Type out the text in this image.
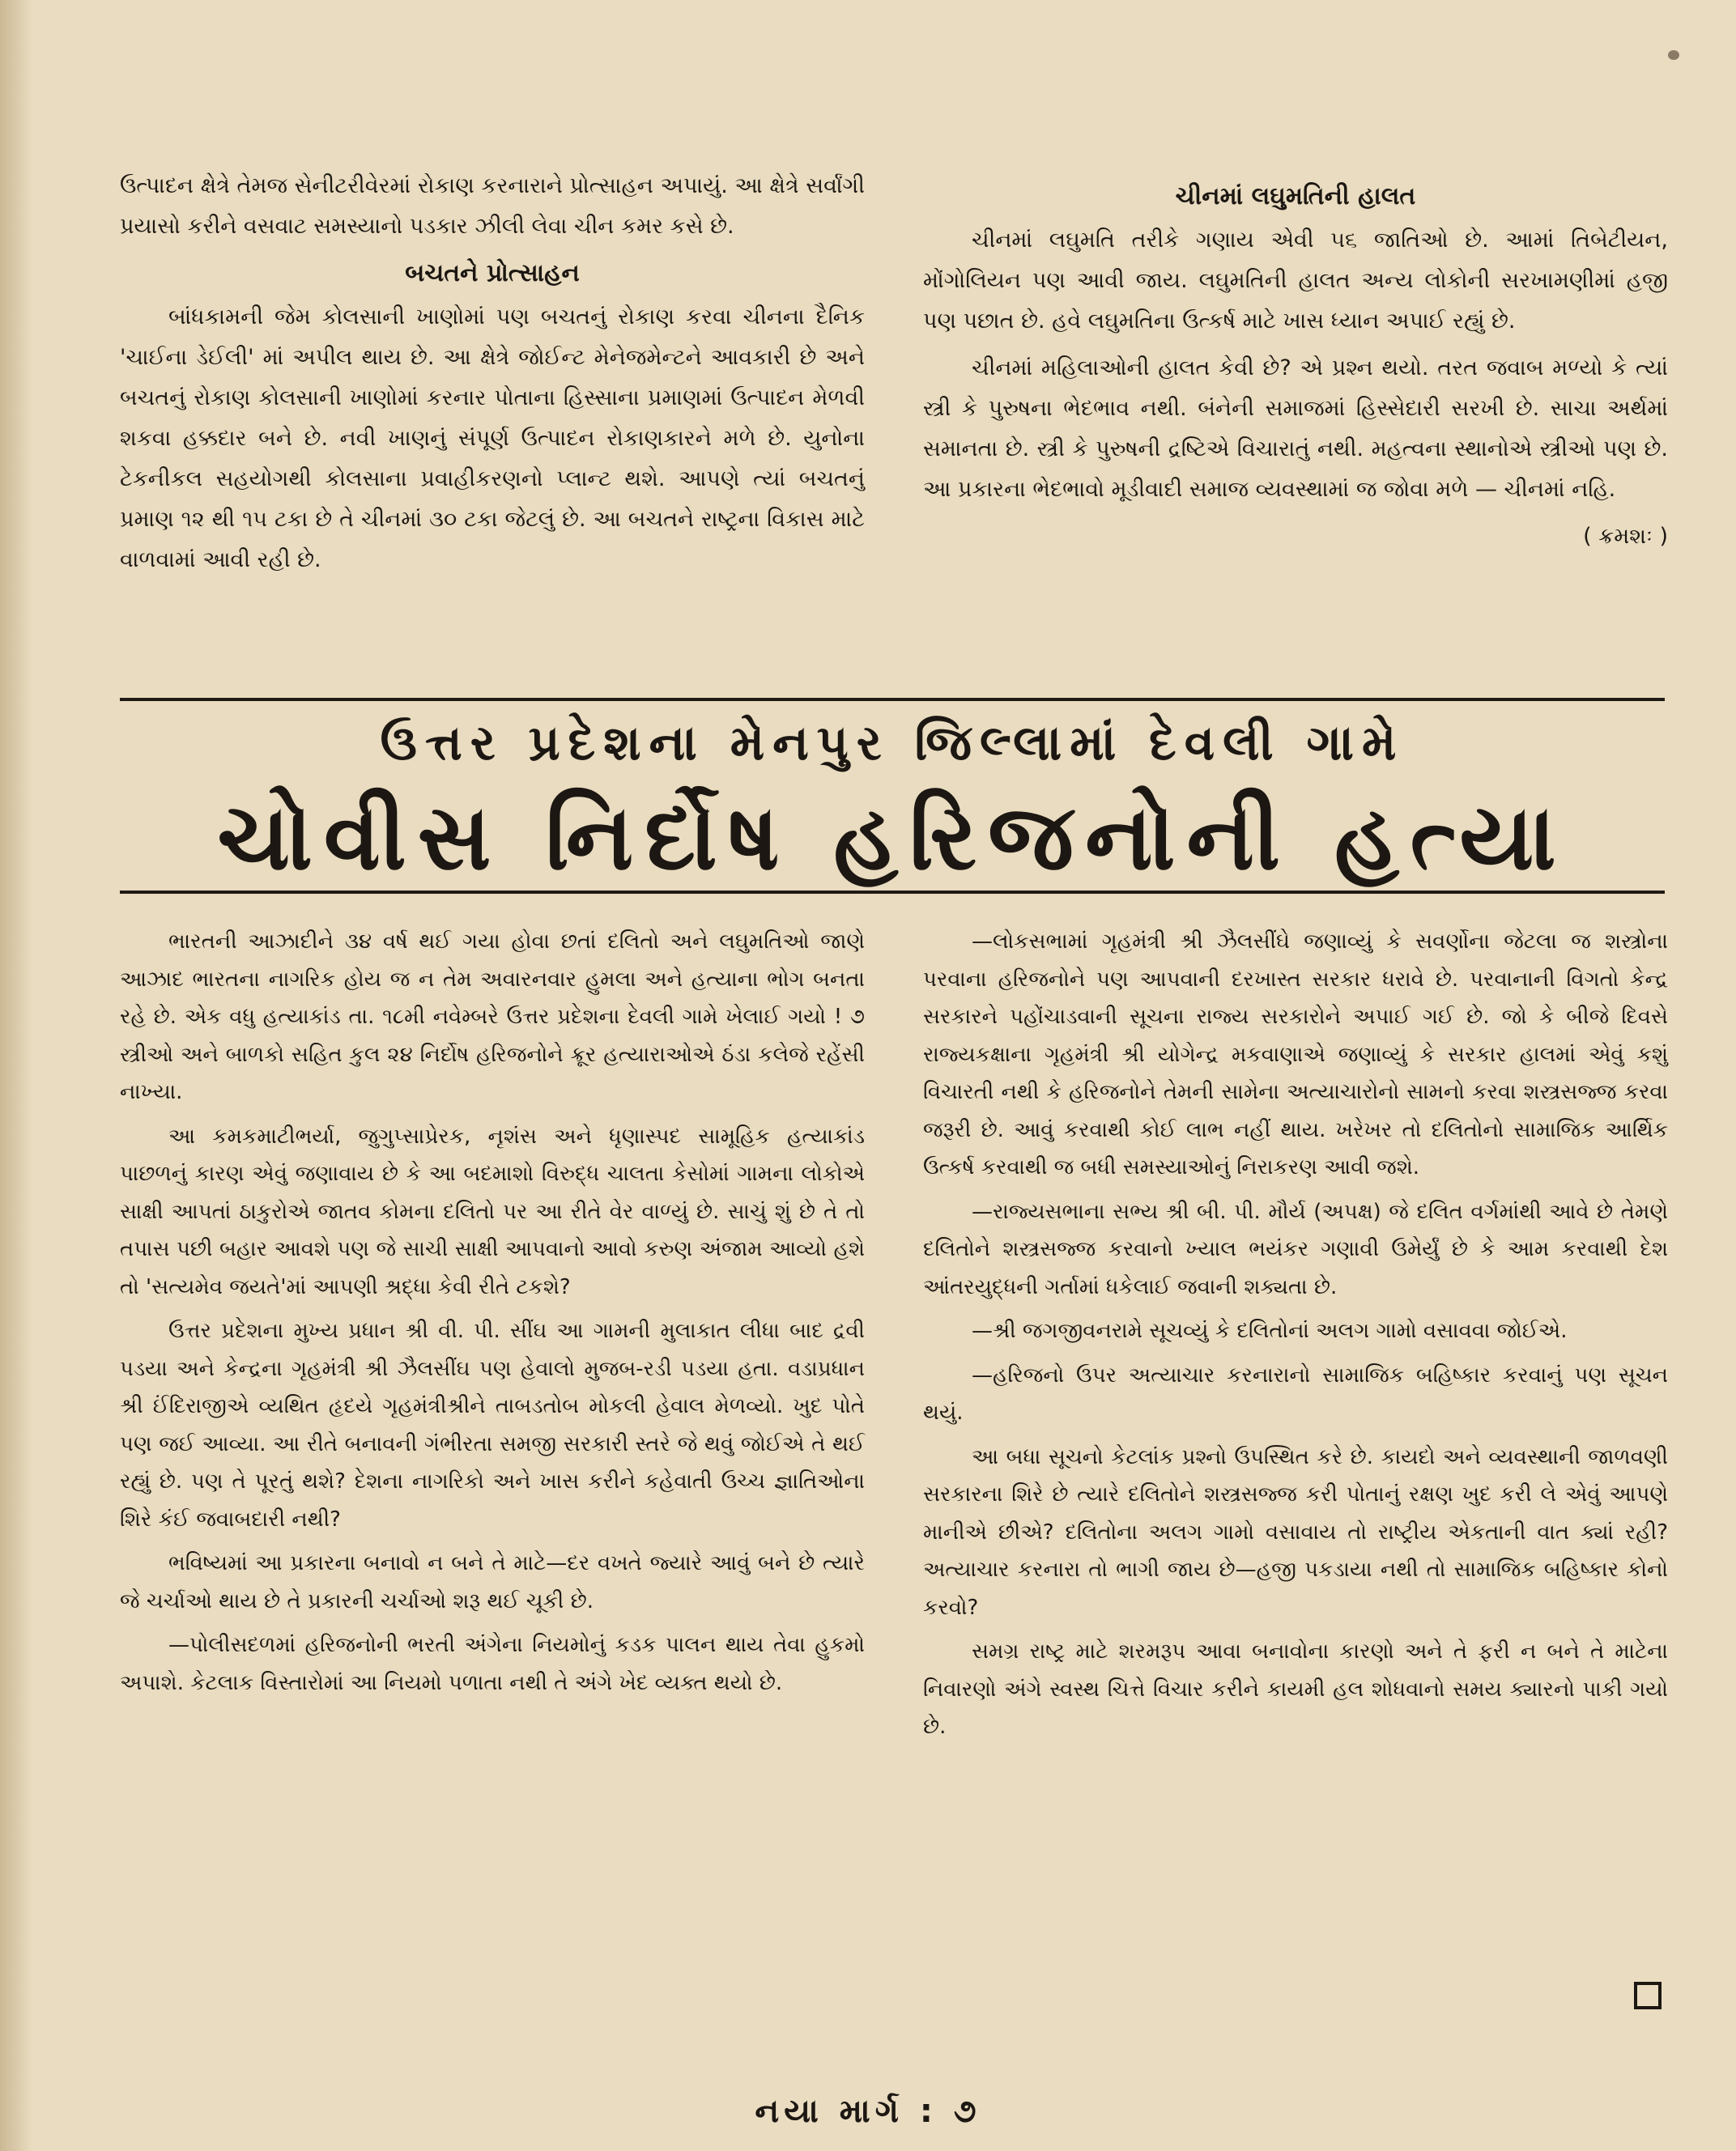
ઉત્પાદન ક્ષેત્રે તેમજ સેનીટરીવેરમાં રોકાણ કરનારાને પ્રોત્સાહન અપાયું. આ ક્ષેત્રે સર્વાંગી પ્રયાસો કરીને વસવાટ સમસ્યાનો પડકાર ઝીલી લેવા ચીન કમર કસે છે.

બચતને પ્રોત્સાહન

બાંધકામની જેમ કોલસાની ખાણોમાં પણ બચતનું રોકાણ કરવા ચીનના દૈનિક 'ચાઈના ડેઈલી' માં અપીલ થાય છે. આ ક્ષેત્રે જોઈન્ટ મેનેજમેન્ટને આવકારી છે અને બચતનું રોકાણ કોલસાની ખાણોમાં કરનાર પોતાના હિસ્સાના પ્રમાણમાં ઉત્પાદન મેળવી શકવા હક્કદાર બને છે. નવી ખાણનું સંપૂર્ણ ઉત્પાદન રોકાણકારને મળે છે. યુનોના ટેકનીકલ સહયોગથી કોલસાના પ્રવાહીકરણનો પ્લાન્ટ થશે. આપણે ત્યાં બચતનું પ્રમાણ ૧૨ થી ૧૫ ટકા છે તે ચીનમાં ૩૦ ટકા જેટલું છે. આ બચતને રાષ્ટ્રના વિકાસ માટે વાળવામાં આવી રહી છે.

ચીનમાં લઘુમતિની હાલત

ચીનમાં લઘુમતિ તરીકે ગણાય એવી ૫૬ જાતિઓ છે. આમાં તિબેટીયન, મોંગોલિયન પણ આવી જાય. લઘુમતિની હાલત અન્ય લોકોની સરખામણીમાં હજી પણ પછાત છે. હવે લઘુમતિના ઉત્કર્ષ માટે ખાસ ધ્યાન અપાઈ રહ્યું છે.

ચીનમાં મહિલાઓની હાલત કેવી છે? એ પ્રશ્ન થયો. તરત જવાબ મળ્યો કે ત્યાં સ્ત્રી કે પુરુષના ભેદભાવ નથી. બંનેની સમાજમાં હિસ્સેદારી સરખી છે. સાચા અર્થમાં સમાનતા છે. સ્ત્રી કે પુરુષની દ્રષ્ટિએ વિચારાતું નથી. મહત્વના સ્થાનોએ સ્ત્રીઓ પણ છે. આ પ્રકારના ભેદભાવો મૂડીવાદી સમાજ વ્યવસ્થામાં જ જોવા મળે — ચીનમાં નહિ.

( ક્રમશઃ )
ઉત્તર પ્રદેશના મેનપુર જિલ્લામાં દેવલી ગામે
ચોવીસ નિર્દોષ હરિજનોની હત્યા

ભારતની આઝાદીને ૩૪ વર્ષ થઈ ગયા હોવા છતાં દલિતો અને લઘુમતિઓ જાણે આઝાદ ભારતના નાગરિક હોય જ ન તેમ અવારનવાર હુમલા અને હત્યાના ભોગ બનતા રહે છે. એક વધુ હત્યાકાંડ તા. ૧૮મી નવેમ્બરે ઉત્તર પ્રદેશના દેવલી ગામે ખેલાઈ ગયો ! ૭ સ્ત્રીઓ અને બાળકો સહિત કુલ ૨૪ નિર્દોષ હરિજનોને ક્રૂર હત્યારાઓએ ઠંડા કલેજે રહેંસી નાખ્યા.

આ કમકમાટીભર્યા, જુગુપ્સાપ્રેરક, નૃશંસ અને ધૃણાસ્પદ સામૂહિક હત્યાકાંડ પાછળનું કારણ એવું જણાવાય છે કે આ બદમાશો વિરુદ્ધ ચાલતા કેસોમાં ગામના લોકોએ સાક્ષી આપતાં ઠાકુરોએ જાતવ કોમના દલિતો પર આ રીતે વેર વાળ્યું છે. સાચું શું છે તે તો તપાસ પછી બહાર આવશે પણ જે સાચી સાક્ષી આપવાનો આવો કરુણ અંજામ આવ્યો હશે તો 'સત્યમેવ જયતે'માં આપણી શ્રદ્ધા કેવી રીતે ટકશે?

ઉત્તર પ્રદેશના મુખ્ય પ્રધાન શ્રી વી. પી. સીંઘ આ ગામની મુલાકાત લીધા બાદ દ્રવી પડયા અને કેન્દ્રના ગૃહમંત્રી શ્રી ઝૈલસીંઘ પણ હેવાલો મુજબ-રડી પડયા હતા. વડાપ્રધાન શ્રી ઈંદિરાજીએ વ્યથિત હૃદયે ગૃહમંત્રીશ્રીને તાબડતોબ મોકલી હેવાલ મેળવ્યો. ખુદ પોતે પણ જઈ આવ્યા. આ રીતે બનાવની ગંભીરતા સમજી સરકારી સ્તરે જે થવું જોઈએ તે થઈ રહ્યું છે. પણ તે પૂરતું થશે? દેશના નાગરિકો અને ખાસ કરીને કહેવાતી ઉચ્ચ જ્ઞાતિઓના શિરે કંઈ જવાબદારી નથી?

ભવિષ્યમાં આ પ્રકારના બનાવો ન બને તે માટે—દર વખતે જ્યારે આવું બને છે ત્યારે જે ચર્ચાઓ થાય છે તે પ્રકારની ચર્ચાઓ શરૂ થઈ ચૂકી છે.

—પોલીસદળમાં હરિજનોની ભરતી અંગેના નિયમોનું કડક પાલન થાય તેવા હુકમો અપાશે. કેટલાક વિસ્તારોમાં આ નિયમો પળાતા નથી તે અંગે ખેદ વ્યક્ત થયો છે.

—લોકસભામાં ગૃહમંત્રી શ્રી ઝૈલસીંઘે જણાવ્યું કે સવર્ણોના જેટલા જ શસ્ત્રોના પરવાના હરિજનોને પણ આપવાની દરખાસ્ત સરકાર ધરાવે છે. પરવાનાની વિગતો કેન્દ્ર સરકારને પહોંચાડવાની સૂચના રાજ્ય સરકારોને અપાઈ ગઈ છે. જો કે બીજે દિવસે રાજ્યકક્ષાના ગૃહમંત્રી શ્રી યોગેન્દ્ર મકવાણાએ જણાવ્યું કે સરકાર હાલમાં એવું કશું વિચારતી નથી કે હરિજનોને તેમની સામેના અત્યાચારોનો સામનો કરવા શસ્ત્રસજ્જ કરવા જરૂરી છે. આવું કરવાથી કોઈ લાભ નહીં થાય. ખરેખર તો દલિતોનો સામાજિક આર્થિક ઉત્કર્ષ કરવાથી જ બધી સમસ્યાઓનું નિરાકરણ આવી જશે.

—રાજ્યસભાના સભ્ય શ્રી બી. પી. મૌર્ય (અપક્ષ) જે દલિત વર્ગમાંથી આવે છે તેમણે દલિતોને શસ્ત્રસજ્જ કરવાનો ખ્યાલ ભયંકર ગણાવી ઉમેર્યું છે કે આમ કરવાથી દેશ આંતરયુદ્ધની ગર્તામાં ધકેલાઈ જવાની શક્યતા છે.

—શ્રી જગજીવનરામે સૂચવ્યું કે દલિતોનાં અલગ ગામો વસાવવા જોઈએ.

—હરિજનો ઉપર અત્યાચાર કરનારાનો સામાજિક બહિષ્કાર કરવાનું પણ સૂચન થયું.

આ બધા સૂચનો કેટલાંક પ્રશ્નો ઉપસ્થિત કરે છે. કાયદો અને વ્યવસ્થાની જાળવણી સરકારના શિરે છે ત્યારે દલિતોને શસ્ત્રસજ્જ કરી પોતાનું રક્ષણ ખુદ કરી લે એવું આપણે માનીએ છીએ? દલિતોના અલગ ગામો વસાવાય તો રાષ્ટ્રીય એકતાની વાત ક્યાં રહી? અત્યાચાર કરનારા તો ભાગી જાય છે—હજી પકડાયા નથી તો સામાજિક બહિષ્કાર કોનો કરવો?

સમગ્ર રાષ્ટ્ર માટે શરમરૂપ આવા બનાવોના કારણો અને તે ફરી ન બને તે માટેના નિવારણો અંગે સ્વસ્થ ચિત્તે વિચાર કરીને કાયમી હલ શોધવાનો સમય ક્યારનો પાકી ગયો છે.

નયા માર્ગ : ૭
